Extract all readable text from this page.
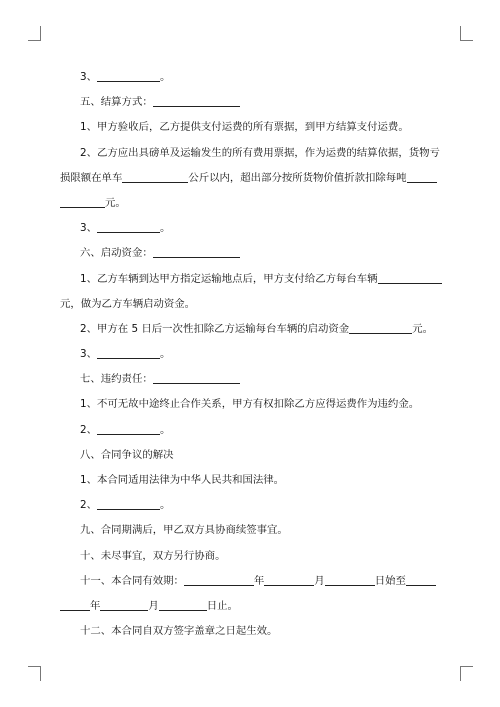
3、	。
五、结算方式：
1、甲方验收后，乙方提供支付运费的所有票据，到甲方结算支付运费。
2、乙方应出具磅单及运输发生的所有费用票据，作为运费的结算依据，货物亏
损限额在单车	公斤以内，超出部分按所货物价值折款扣除每吨
元。
3、	。
六、启动资金：
1、乙方车辆到达甲方指定运输地点后，甲方支付给乙方每台车辆
元，做为乙方车辆启动资金。
2、甲方在 5 日后一次性扣除乙方运输每台车辆的启动资金	元。
3、	。
七、违约责任：
1、不可无故中途终止合作关系，甲方有权扣除乙方应得运费作为违约金。
2、	。
八、合同争议的解决
1、本合同适用法律为中华人民共和国法律。
2、	。
九、合同期满后，甲乙双方具协商续签事宜。
十、未尽事宜，双方另行协商。
十一、本合同有效期：	年	月	日始至
年	月	日止。
十二、本合同自双方签字盖章之日起生效。
